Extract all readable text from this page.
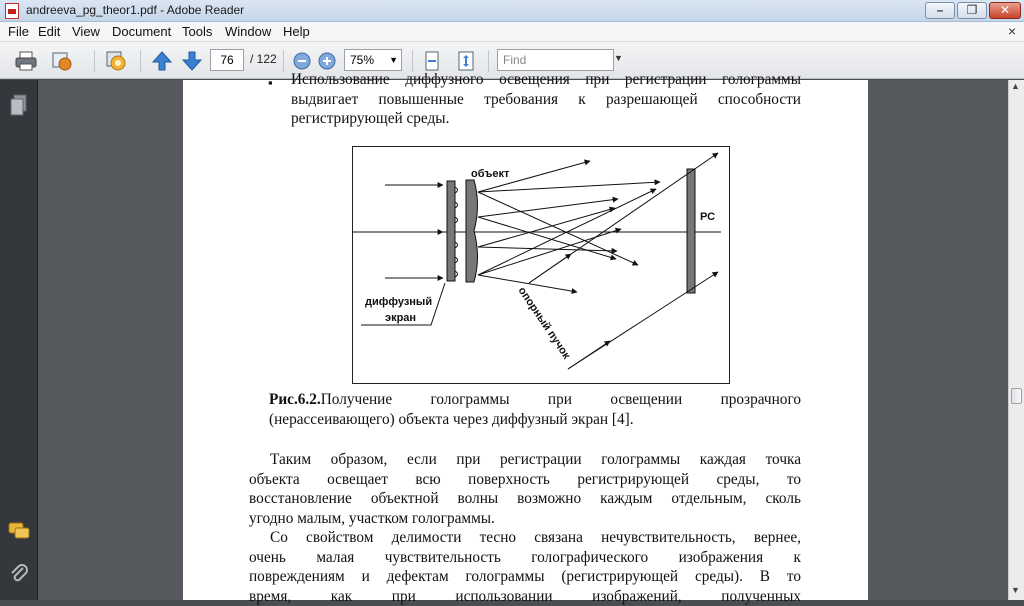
andreeva_pg_theor1.pdf - Adobe Reader	–	❐	✕
File Edit View Document Tools Window Help	×
76	/ 122	75% ▼	Find	▼
▪ Использование диффузного освещения при регистрации голограммы
выдвигает повышенные требования к разрешающей способности
регистрирующей среды.
объект
РС
диффузный
экран	опорный пучок
Рис.6.2.Получение голограммы при освещении прозрачного
(нерассеивающего) объекта через диффузный экран [4].
Таким образом, если при регистрации голограммы каждая точка
объекта освещает всю поверхность регистрирующей среды, то
восстановление объектной волны возможно каждым отдельным, сколь
угодно малым, участком голограммы.
Со свойством делимости тесно связана нечувствительность, вернее,
очень малая чувствительность голографического изображения к
повреждениям и дефектам голограммы (регистрирующей среды). В то
время, как при использовании изображений, полученных
▲
▼
